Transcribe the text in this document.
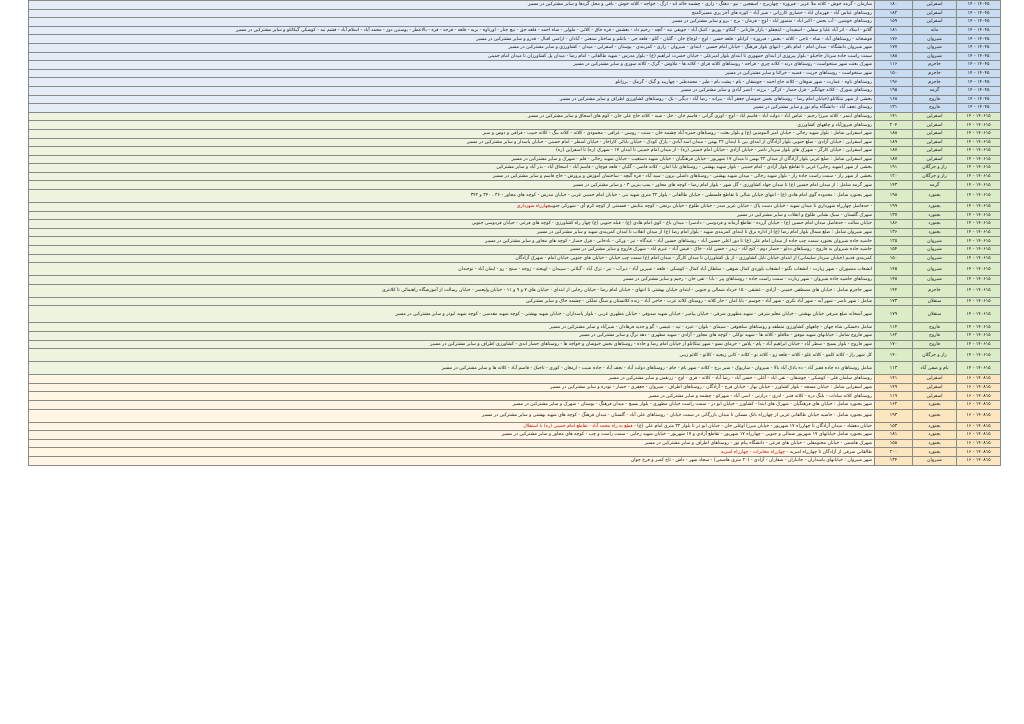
۱۴۰۴۵ - ۱۴	اسفراین	۱۸۰	سازمان - گرمه خوش - کلاته ملا عزیز - فیروزه - چهاربرج - اسفجین - نیو - دهنگ - زاری - چشمه خاله اند - ارگ - خواجه - کلاته خوش - باقی و محل گردها و سایر مشترکین در مسیر
۱۴۰۴۵ - ۱۴	اسفراین	۱۸۲	روستاهای عباس آباد - قهرمان اباد - حصاری کارزانی - شیر آباد - کوره های آجر پزی مسیرالمنج
۱۴۰۴۵ - ۱۴	اسفراین	۱۵۹	روستاهای خوشین - آب بخش - اکبر اباد - منصور اباد - اوچ - فرمان - برج - بزو و سایر مشترکین در مسیر
۱۴۰۴۵ - ۱۴	مانه	۱۸۱	گلانو - اسلاد - اتر آباد علیا و سفلی - اسفیدان - ابنجقلو - بازار قارنانی - گنکاو - پوریو - کنبک آباد - جوبقی نیه - آتچه - رحیم داد - بغشش - قره جاق - کلاتی - ملولی - شاه احمد - قلعه جق - نیچ جنار - اورتاوه - بزبه - قلعه - قرجه - قره - بالاعطر - یوسنبن دوز - محمد آباد - اسلام آباد - قشم نیه - کوشکی گیکانلو و سایر مشترکین در مسیر
۱۴۰۴۵ - ۱۴	شیروان	۱۷۶	قوشخانه - روستاهای آباد - شاه - تاجی - کلاته - بخش - فیروزه - کراتلو - قلعه حسن - اوچ - اوچاغ خان - گلیان - آتلو - قلعه جی - باتتلم و ساختار صنعتی - آبادان - اراضی اقبال - قدرو و سایر مشترکین در مسیر
۱۴۰۴۵ - ۱۴	شیروان	۱۷۷	شهر شیروان دانشگاه - میدان امام - امام باقر - انتهای بلوار فرهنگ - خیابان امام حسین - ابتدای - شیروان - رازی - کمربندی - بوستان - اسفراین - میدان - کشاورزی و سایر مشترکین در مسیر
۱۴۰۴۵ - ۱۴	شیروان	۱۸۸	سمت راست جاده سردار حاجیلو - بلوار پیروزی از ابتدای جمهوری تا ابتدای بلوار امیرعلی - خیابان حضرت ابراهیم (ع) - بلوار مدرس - شهید طالقانی - امام رضا - میدان پل کشاورزان تا میدان امام خمینی
۱۴۰۴۵ - ۱۴	جاجرم	۱۱۶	شهرک بعثت شهر سنخواست - روستاهای درنه - کلاته چری - قراجه - روستاهای کلاته قرای - کلاته ها - ملاوش - گرک - کلاته سوری و سایر مشترکین در مسیر
۱۴۰۴۵ - ۱۴	جاجرم	۱۵۰	شهر سنخواست - روستاهای حریت - قصبه - خرائنا و سایر مشترکین در مسیر
۱۴۰۴۵ - ۱۴	جاجرم	۱۹۶	روستاهای ناوه - عمارت - شهر شوقان - کلاته حاج احمد - جوشقان - بام - پشت بام - طبر - محمدطبر - چهاربید و گیک - گرمک - برزانلو
۱۴۰۴۵ - ۱۴	گرمه	۱۹۵	روستاهای شورک - کلاته جهانگیر - قزل حصار - کرگی - برزنه - انصر آبادی و سایر مشترکین در مسیر
۱۴۰۴۵ - ۱۴	فاروج	۱۶۸	بخشی از شهر تیتکانلو (خیابان امام رضا - روستاهای بخش خبوشان جعفر آباد - پیرانه - رضا آباد - دیگی - بک - روستاهای کشاورزی اطراف و سایر مشترکین در مسیر
۱۴۰۴۵ - ۱۴	فاروج	۱۳۱	روستای نجف آباد - دانشگاه پیام نور و سایر مشترکین در مسیر
۱۴۰۶۱۵ - ۱۴	اسفراین	۱۴۱	روستاهای ابنمز - کلاته میرزا رحیم - عباس اباد - دولت اباد - قاسم اباد - اوچ - اوزی گرانی - قاسم خان - حل - شیه - کلاته حاج علی خان - کوم های اسحاق و سایر مشترکین در مسیر
۱۴۰۶۱۵ - ۱۴	اسفراین	۲۰۴	روستاهای فیروزآباد و چاههای کشاورزی
۱۴۰۶۱۵ - ۱۴	اسفراین	۱۸۸	شهر اسفراین شامل : بلوار شهید رجائی - خیابان امیر المومنین (ع) و بلوار بعثت - روستاهای حمزه آباد چشمه خان - ستت - روسن - عراقی - محمودی - کلاته - کلاته بیگ - کلاته حبیب - قراقی و دوس و سیر
۱۴۰۶۱۵ - ۱۴	اسفراین	۱۸۹	شهر اسفراین : خیابان آزادی - ضلع جنوبی بلوار آزادگان از ابتدای بین تا ایندان ۲۲ بهمن - میدان اسد آبادی - پارک کودک - خیابان بابائی کاراخاز - خیابان اسطر - امام خمینی - خیابان پاسدار و سایر مشترکین در مسیر
۱۴۰۶۱۵ - ۱۴	اسفراین	۱۸۷	شهر اسفراین : خیابان کارگر - شهرک های بلوار سردار ناصر - خیابان آزادی - خیابان امام خمینی (ره) - از میدان امام خمینی تا ایندان ۱۷ - شهرک (ره) تا اسفراین (ره)
۱۴۰۶۱۵ - ۱۴	اسفراین	۱۸۷	شهر اسفراین شامل : ضلع غربی بلوار آزادگان از میدان ۲۲ بهمن تا میدان ۱۷ شهریور - خیابان فرهنگیان - خیابان شهید دستغیب - خیابان شهید رجائی - قلم - شهرک و سایر مشترکین در مسیر
۱۴۰۶۱۵ - ۱۴	راز و جرگلان	۱۹۱	بخشی از شهر (شهید رجایی) غربی تا تقاطع بلوار آزادی - امام خمینی - بلوار شهید بهشتی - روستاهای بابا امان - کلاته قاضی - گلیان - قلعه قوچان - قاسم آباد - اسحاق آباد - بدر آباد و سایر مشترکین
۱۴۰۶۱۵ - ۱۴	راز و جرگلان	۱۲۰	بخشی از شهر راز - سمت راست جاده راز - بلوار شهید رجائی - میدان شهید بهشتی - روستاهای داشلی برون - سید آباد - قره گیچه - ساختمان آموزش و پرورش - حاج قاسم و سایر مشترکین در مسیر
۱۴۰۶۱۵ - ۱۴	گرمه	۱۴۳	شهر گرمه شامل : از میدان امام حسین (ع) تا میدان جهاد کشاورزی - گل شهر - بلوار امام رضا - کوچه های مجاور - پمپ بنزین ۳ - و سایر مشترکین در مسیر
۱۴۰۶۱۵ - ۱۴	بجنورد	۱۹۸	شهر بجنورد شامل : محدوده گوی امام هادی (ع) - انتهای خیابان شالی تا تقاطع فلسطین - خیابان طالقانی - بلوار ۳۲ متری شهید نبی - خیابان امام خمینی غربی - خیابان مدرس - کوچه های مجاور - ۳۶ ، ۳۴۰ و ۳۴۲
۱۴۰۶۱۵ - ۱۴	بجنورد	۱۹۹	- حدفاصل چهارراه شهرداری تا میدان شهید - خیابان دست پاک - خیابان عزیز صدر - خیابان طلوع - خیابان برنجی - کوچه بنتایش - قسمتی از کوچه کرم آی - شهرکی جنوبیچهارراه شهرداری
۱۴۰۶۱۵ - ۱۴	بجنورد	۱۳۷	شهرک گلستان - سبک نشانی طلوع و انقلاب و سایر مشترکین در مسیر
۱۴۰۶۱۵ - ۱۴	بجنورد	۱۸۶	خیابان شالت - حدفاصل میدان امام حسین (ع) - خیابان آزرده - تقاطع آرمانه و فردوسی - دادسرا - میدان باغ - کوی امام هادی (ع) - قبله جنوبی (ع) چهار راه کشاورزی - کوچه های فرعی - خیابان فردوسی جنوبی
۱۴۰۶۱۵ - ۱۴	بجنورد	۱۳۶	شهر شیروان شامل : ضلع شمال بلوار امام رضا (ع) از اداره برق تا ابتدای کمربندی شهید - بلوار امام رضا (ع) از میدان انقلاب تا ایندان کمربندی شهید و سایر مشترکین در مسیر
۱۴۰۶۱۵ - ۱۴	شیروان	۱۲۵	حاشیه جاده شیروان بجنورد سمت چپ جاده از میدان امام علی (ع) تا دور اعلی حسین آباد - روستاهای حسین آباد - عیدگاه - تیر - ورکی - بادخانی - قزل حصار - کوچه های مجاور و سایر مشترکین در مسیر
۱۴۰۶۱۵ - ۱۴	شیروان	۱۵۴	حاشیه جاده شیروان به فاروج - روستاهای ددلو - حصار دوم - کنج آباد - زیدر - حسن اباد - خاک - قیش آباد - عبرم اباد - شهرک فاروج و سایر مشترکین در مسیر
۱۴۰۶۱۵ - ۱۴	شیروان	۱۵۰	کمربندی قدیم (خیابان سردار سلیمانی) از ابتدای خیابان نایل کشاورزی - از پل کشاورزان تا میدان کارگر - میدان امام (ع) سمت چپ خیابان - خیابان های جنوبی خیابان امام - شهرک آزادگان
۱۴۰۶۱۵ - ۱۴	شیروان	۱۴۵	انشعاب منصوران - شهر زیارت - انشعاب نگتو - انشعاب بلوردی کمال شوهی - سلطان آباد کمال - کوشکی - قلعه - شیرین آباد - دیزآب - تیر - ترک آباد - گیلانی - سپیدان - اویجنه - زوجه - سنج - رو - ایمان آباد - نوخندان
۱۴۰۶۱۵ - ۱۴	شیروان	۱۴۸	روستاهای حاشیه جاده شیروان - شهر زیارت - سمت راست جاده - روستاهای پیر - بابا - تقی خان - رحیم و سایر مشترکین در مسیر
۱۴۰۶۱۵ - ۱۴	جاجرم	۱۴۴	شهر جاجرم شامل : خیابان های مصطفی خمینی - آزادی - عشقی - ۱۵ خرداد شمالی و جنوبی - ابتدای خیابان بهشتی تا انتهای - خیابان امام رضا - خیابان رجایی از ابتدای - خیابان های ۷ و ۹ و ۱۱ - خیابان ولیعصر - خیابان رسالت از آموزشگاه راهنمائی تا کلانتری
۱۴۰۶۱۵ - ۱۴	سنقلان	۱۷۳	شامل : شهر ناصر - شهر آیه - شهر آباد نکری - شهر آباد - جوسم - بابا امان - جار کلاته - روستای کلاته عرب - حاجی آباد - زنده کلاتستان و سنگ تملکی - چشمه خاک و سایر مشترکین
۱۴۰۶۱۵ - ۱۴	سنقلان	۱۷۹	شهر آشخانه ضلع شرقی خیابان بهشتی - خیابان معلم شرقی - شهید مطهری شرقی - خیابان پیامبر - خیابان شهید صدوقی - خیابان مطهری غربی - بلوار پاسداران - خیابان شهید بهشتی - کوچه شهید مقدسی - کوچه شهید ابوذر و سایر مشترکین در مسیر
۱۴۰۶۱۵ - ۱۴	فاروج	۱۱۴	شامل دخسکی شاه جهان - چاههای کشاورزی منطقه و روستاهای سلجوقی - سیمای - بلوان - عیزد - تید - عیسی - گو و جدید فرهادان - شیرآباد و سایر مشترکین در مسیر
۱۴۰۶۱۵ - ۱۴	فاروج	۱۶۲	شهر فاروج شامل : خیابانهای شهید موفق - ملاقلو - کلاته ها - شهید توکلی - کوچه های مجاور - آزادی - شهید مطهری - دهه نزگ و سایر مشترکین در مسیر
۱۴۰۶۱۵ - ۱۴	فاروج	۱۷۰	شهر فاروج - بلوار بسیج - سطر آباد - خیابان ابراهیم آباد - پام - پلاس - خرمای نسو - شهر تیتکانلو از خیابان امام رضا و جاده - روستاهای بخش خبوشان و خواجه ها - روستاهای حصار ابدی - کشاورزی اطراف و سایر مشترکین در مسیر
۱۴۰۶۱۵ - ۱۴	راز و جرگلان	۱۴۰	کل شهر راز - کلاته کلمو - کلاته غلو - کلاته - قلعه زو - کلاته نو - کلاته - کانی زیجیه - کلاتو - کلاتو زیبی
۱۴۰۶۱۵ - ۱۴	بام و صفی آباد	۱۱۳	شامل روستاهای ده جاده فقیر آباد - ده یادک آباد بالا - شیروان - ساریوک - شیر برج - کلاته - شهر بام - جام - روستاهای دولت آباد - نجف آباد - جاده شیب - ارمغان - کوری - تاجیک - قاسم آباد - کلاته ها و سایر مشترکین در مسیر
۱۴۰۸۱۵ - ۱۶	اسفراین	۱۴۱	روستاهای سلمان قلی - کوشکی - جوشقان - نقی اباد - آغلی - حسن آباد - رضا آباد - کلاته - قزی - اوچ - زرنقش و سایر مشترکین در مسیر
۱۴۰۸۱۵ - ۱۶	اسفراین	۱۴۹	شهر اسفراین شامل : خیابان مسجد - بلوار کشاورز - خیابان بهار - خیابان فرخ - آزادگان - روستاهای اطراف - شیروان - جعفری - حصار - نودره و سایر مشترکین در مسیر
۱۴۰۸۱۵ - ۱۶	اسفراین	۱۱۹	روستاهای کلاته سادات - بلنگ دره - کلاته قنبر - ادری - درازنی - اسی آباد - شهرکو - چشمه و سایر مشترکین در مسیر
۱۴۰۸۱۵ - ۱۶	بجنورد	۱۶۲	شهر بجنورد شامل : خیابان های فرهنگیان - شهرک های ابتدا - کشاورز - خیابان ابو ذر - سمت راست خیابان مطهری - بلوار بسیج - میدان فرهنگ - بوستان - شهرک و سایر مشترکین در مسیر
۱۴۰۸۱۵ - ۱۶	بجنورد	۱۹۳	شهر بجنورد شامل : حاشیه خیابان طالقانی غربی از چهارراه بانک مسکن تا میدان بازرگانی در سمت خیابان - روستاهای علی آباد - گلستان - میدان فرهنگ - کوچه های شهید بهشتی و سایر مشترکین در مسیر
۱۴۰۸۱۵ - ۱۶	بجنورد	۱۵۳	خیابان دهشاد - میدان آزادگان تا چهارراه ۱۷ شهریور - خیابان میرزا اوغلی خان - خیابان ابو ذر تا بلوار ۳۲ متری امام علی (ع) - قطع به راه محمد آباد - تقاطع امام خمینی (ره) با استقلال
۱۴۰۸۱۵ - ۱۶	بجنورد	۱۸۱	شهر بجنورد شامل خیابانهای ۱۷ شهریور شمالی و جنوبی - چهارراه ۱۷ شهریور - تقاطع آزادی و ۱۷ شهریور - خیابان شهید رجایی - سمت راست و چپ - کوچه های مجاور و سایر مشترکین در مسیر
۱۴۰۸۱۵ - ۱۶	بجنورد	۱۵۸	شهرک هاشمی - خیابان مختومقلی - خیابان های فرعی - دانشگاه پیام نور - روستاهای اطراف و سایر مشترکین در مسیر
۱۴۰۸۱۵ - ۱۶	بجنورد	۲۰۰	طالقانی شرقی از آزادگان تا چهارراه امیریه - چهارراه مخابرات - چهارراه امیریه
۱۴۰۸۱۵ - ۱۶	شیروان	۱۳۴	شهر شیروان : خیابانهای پاسداران - جانبازان - شفاران - آزادی - (۲۰ متری هاشمی) - سجاد شهر - داش - تاج کمبر و فرخ جوان
